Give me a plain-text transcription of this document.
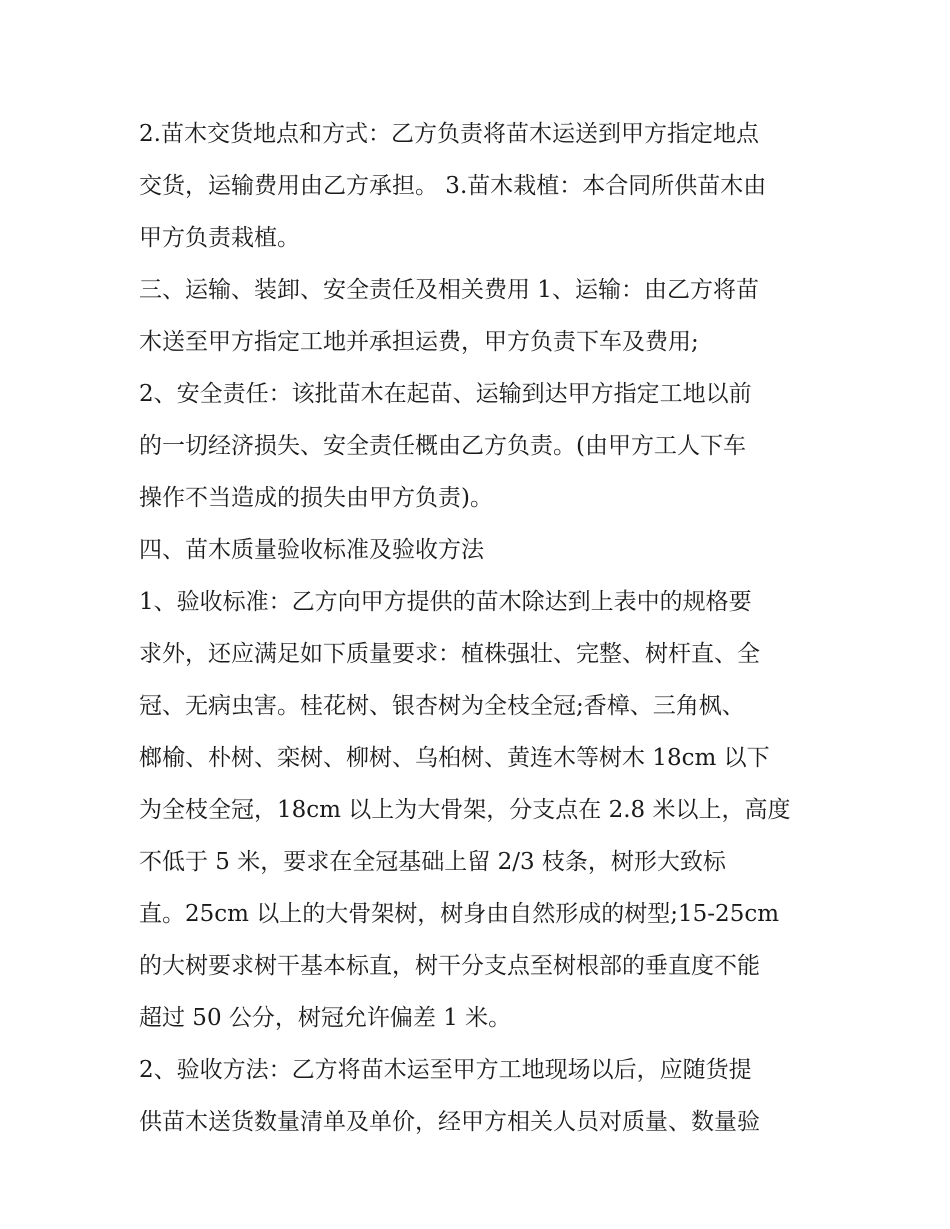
2.苗木交货地点和方式：乙方负责将苗木运送到甲方指定地点
交货，运输费用由乙方承担。 3.苗木栽植：本合同所供苗木由
甲方负责栽植。
三、运输、装卸、安全责任及相关费用 1、运输：由乙方将苗
木送至甲方指定工地并承担运费，甲方负责下车及费用;
2、安全责任：该批苗木在起苗、运输到达甲方指定工地以前
的一切经济损失、安全责任概由乙方负责。(由甲方工人下车
操作不当造成的损失由甲方负责)。
四、苗木质量验收标准及验收方法
1、验收标准：乙方向甲方提供的苗木除达到上表中的规格要
求外，还应满足如下质量要求：植株强壮、完整、树杆直、全
冠、无病虫害。桂花树、银杏树为全枝全冠;香樟、三角枫、
榔榆、朴树、栾树、柳树、乌桕树、黄连木等树木 18cm 以下
为全枝全冠，18cm 以上为大骨架，分支点在 2.8 米以上，高度
不低于 5 米，要求在全冠基础上留 2/3 枝条，树形大致标
直。25cm 以上的大骨架树，树身由自然形成的树型;15-25cm
的大树要求树干基本标直，树干分支点至树根部的垂直度不能
超过 50 公分，树冠允许偏差 1 米。
2、验收方法：乙方将苗木运至甲方工地现场以后，应随货提
供苗木送货数量清单及单价，经甲方相关人员对质量、数量验
